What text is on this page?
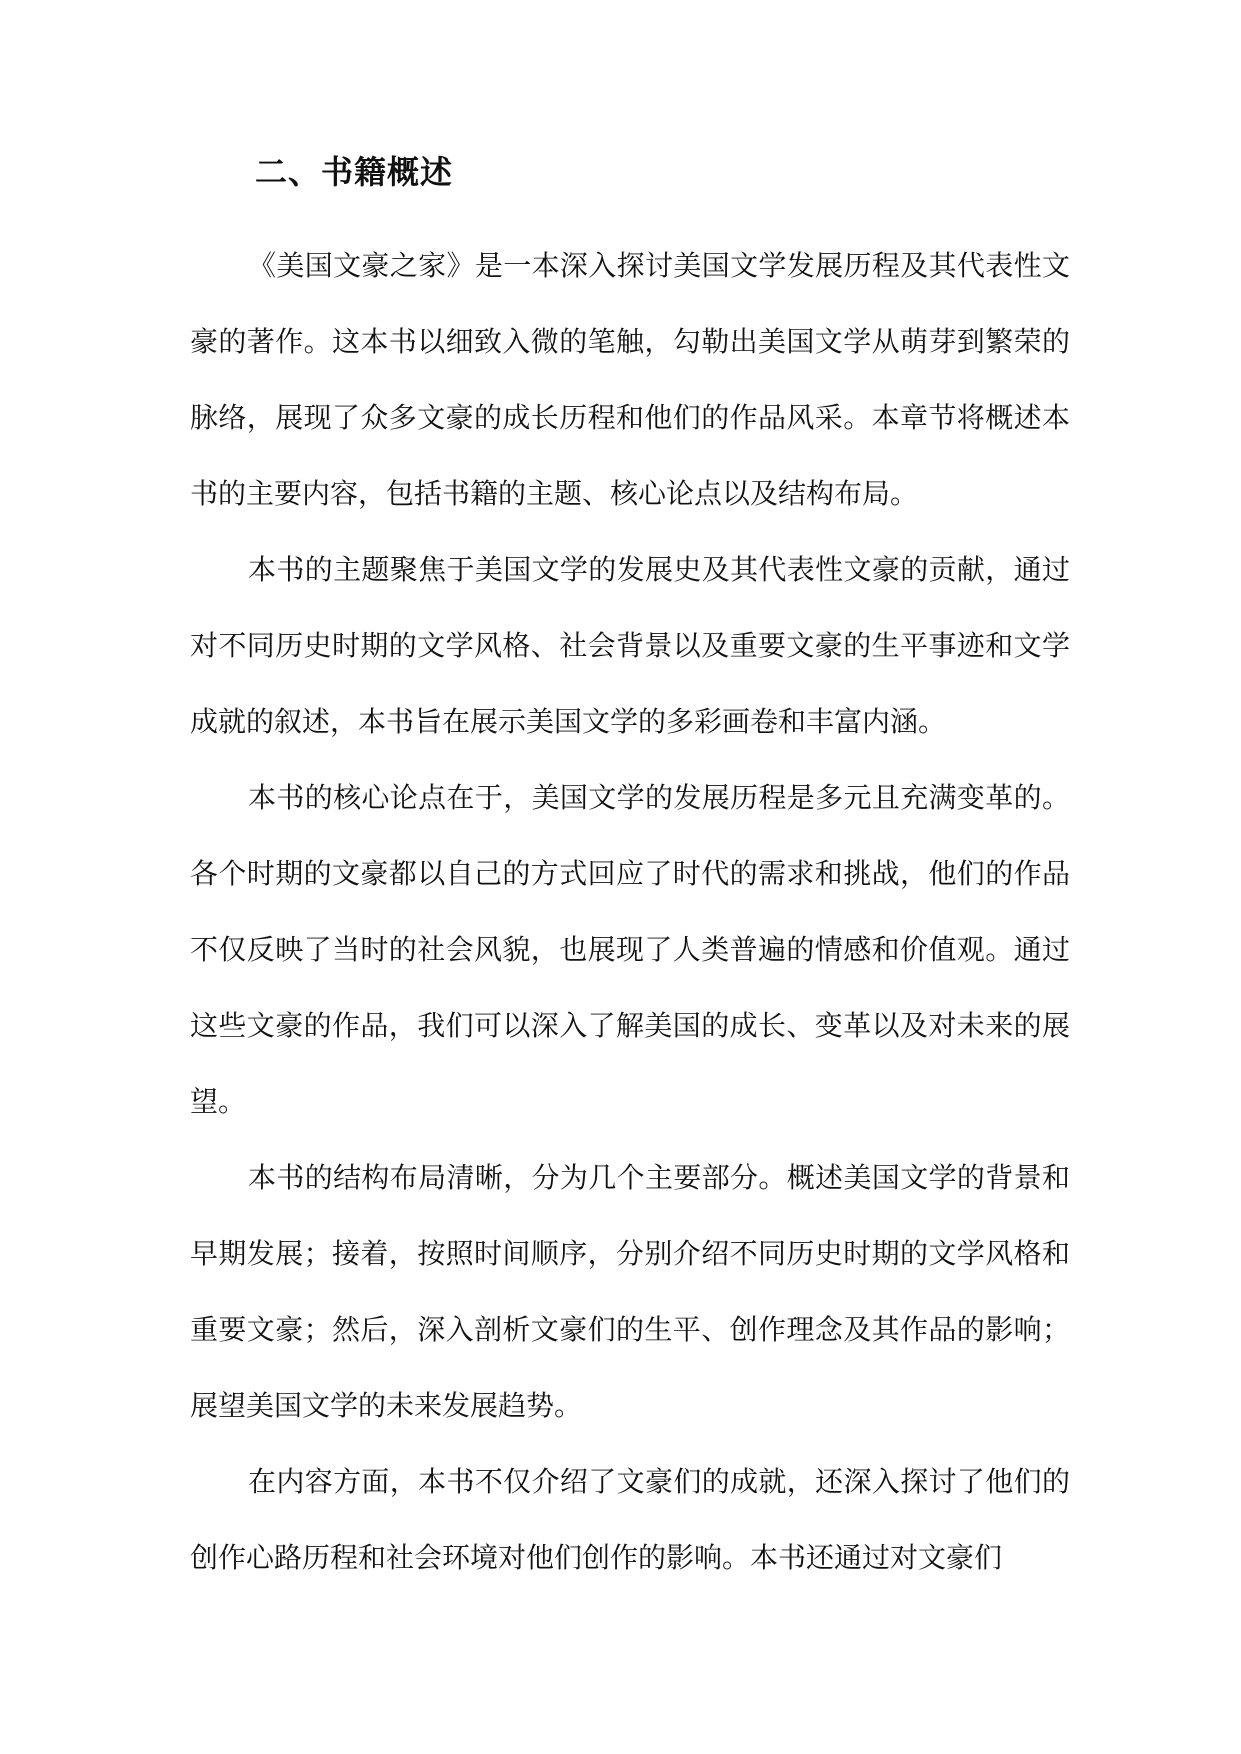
二、书籍概述

《美国文豪之家》是一本深入探讨美国文学发展历程及其代表性文豪的著作。这本书以细致入微的笔触，勾勒出美国文学从萌芽到繁荣的脉络，展现了众多文豪的成长历程和他们的作品风采。本章节将概述本书的主要内容，包括书籍的主题、核心论点以及结构布局。

本书的主题聚焦于美国文学的发展史及其代表性文豪的贡献，通过对不同历史时期的文学风格、社会背景以及重要文豪的生平事迹和文学成就的叙述，本书旨在展示美国文学的多彩画卷和丰富内涵。

本书的核心论点在于，美国文学的发展历程是多元且充满变革的。各个时期的文豪都以自己的方式回应了时代的需求和挑战，他们的作品不仅反映了当时的社会风貌，也展现了人类普遍的情感和价值观。通过这些文豪的作品，我们可以深入了解美国的成长、变革以及对未来的展望。

本书的结构布局清晰，分为几个主要部分。概述美国文学的背景和早期发展；接着，按照时间顺序，分别介绍不同历史时期的文学风格和重要文豪；然后，深入剖析文豪们的生平、创作理念及其作品的影响；展望美国文学的未来发展趋势。

在内容方面，本书不仅介绍了文豪们的成就，还深入探讨了他们的创作心路历程和社会环境对他们创作的影响。本书还通过对文豪们
